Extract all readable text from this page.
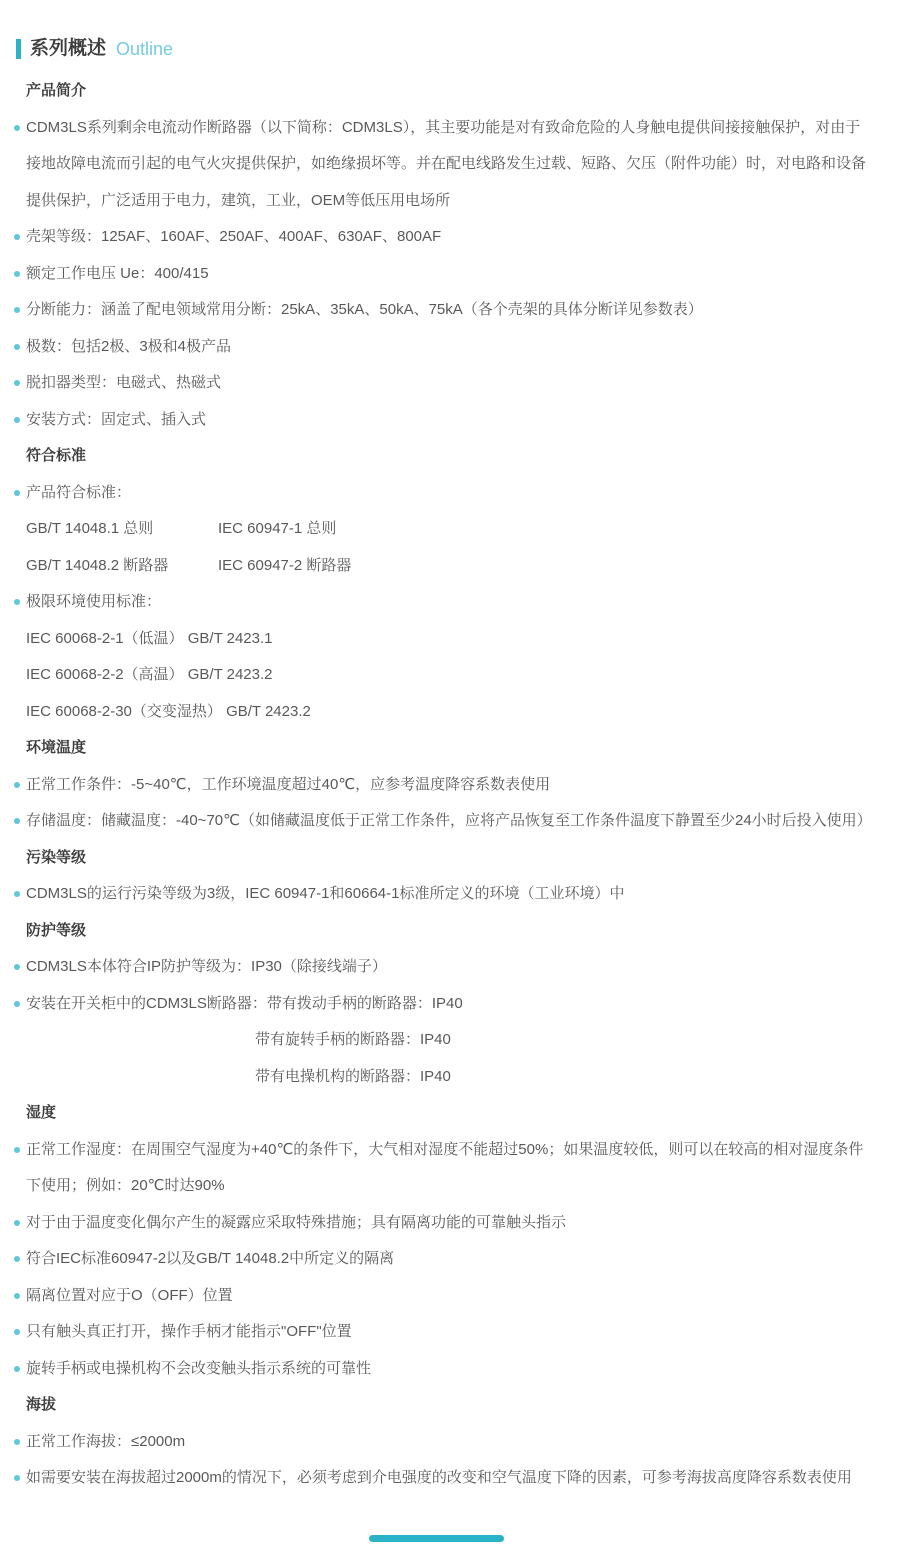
系列概述 Outline
产品简介
CDM3LS系列剩余电流动作断路器（以下简称：CDM3LS），其主要功能是对有致命危险的人身触电提供间接接触保护，对由于接地故障电流而引起的电气火灾提供保护，如绝缘损坏等。并在配电线路发生过载、短路、欠压（附件功能）时，对电路和设备提供保护，广泛适用于电力，建筑，工业，OEM等低压用电场所
壳架等级：125AF、160AF、250AF、400AF、630AF、800AF
额定工作电压 Ue：400/415
分断能力：涵盖了配电领域常用分断：25kA、35kA、50kA、75kA（各个壳架的具体分断详见参数表）
极数：包括2极、3极和4极产品
脱扣器类型：电磁式、热磁式
安装方式：固定式、插入式
符合标准
产品符合标准：
GB/T 14048.1 总则	IEC 60947-1 总则
GB/T 14048.2 断路器	IEC 60947-2 断路器
极限环境使用标准：
IEC 60068-2-1（低温） GB/T 2423.1
IEC 60068-2-2（高温） GB/T 2423.2
IEC 60068-2-30（交变湿热） GB/T 2423.2
环境温度
正常工作条件：-5~40℃，工作环境温度超过40℃，应参考温度降容系数表使用
存储温度：储藏温度：-40~70℃（如储藏温度低于正常工作条件，应将产品恢复至工作条件温度下静置至少24小时后投入使用）
污染等级
CDM3LS的运行污染等级为3级，IEC 60947-1和60664-1标准所定义的环境（工业环境）中
防护等级
CDM3LS本体符合IP防护等级为：IP30（除接线端子）
安装在开关柜中的CDM3LS断路器：带有拨动手柄的断路器：IP40
带有旋转手柄的断路器：IP40
带有电操机构的断路器：IP40
湿度
正常工作湿度：在周围空气湿度为+40℃的条件下，大气相对湿度不能超过50%；如果温度较低，则可以在较高的相对湿度条件下使用；例如：20℃时达90%
对于由于温度变化偶尔产生的凝露应采取特殊措施；具有隔离功能的可靠触头指示
符合IEC标准60947-2以及GB/T 14048.2中所定义的隔离
隔离位置对应于O（OFF）位置
只有触头真正打开，操作手柄才能指示"OFF"位置
旋转手柄或电操机构不会改变触头指示系统的可靠性
海拔
正常工作海拔：≤2000m
如需要安装在海拔超过2000m的情况下，必须考虑到介电强度的改变和空气温度下降的因素，可参考海拔高度降容系数表使用
